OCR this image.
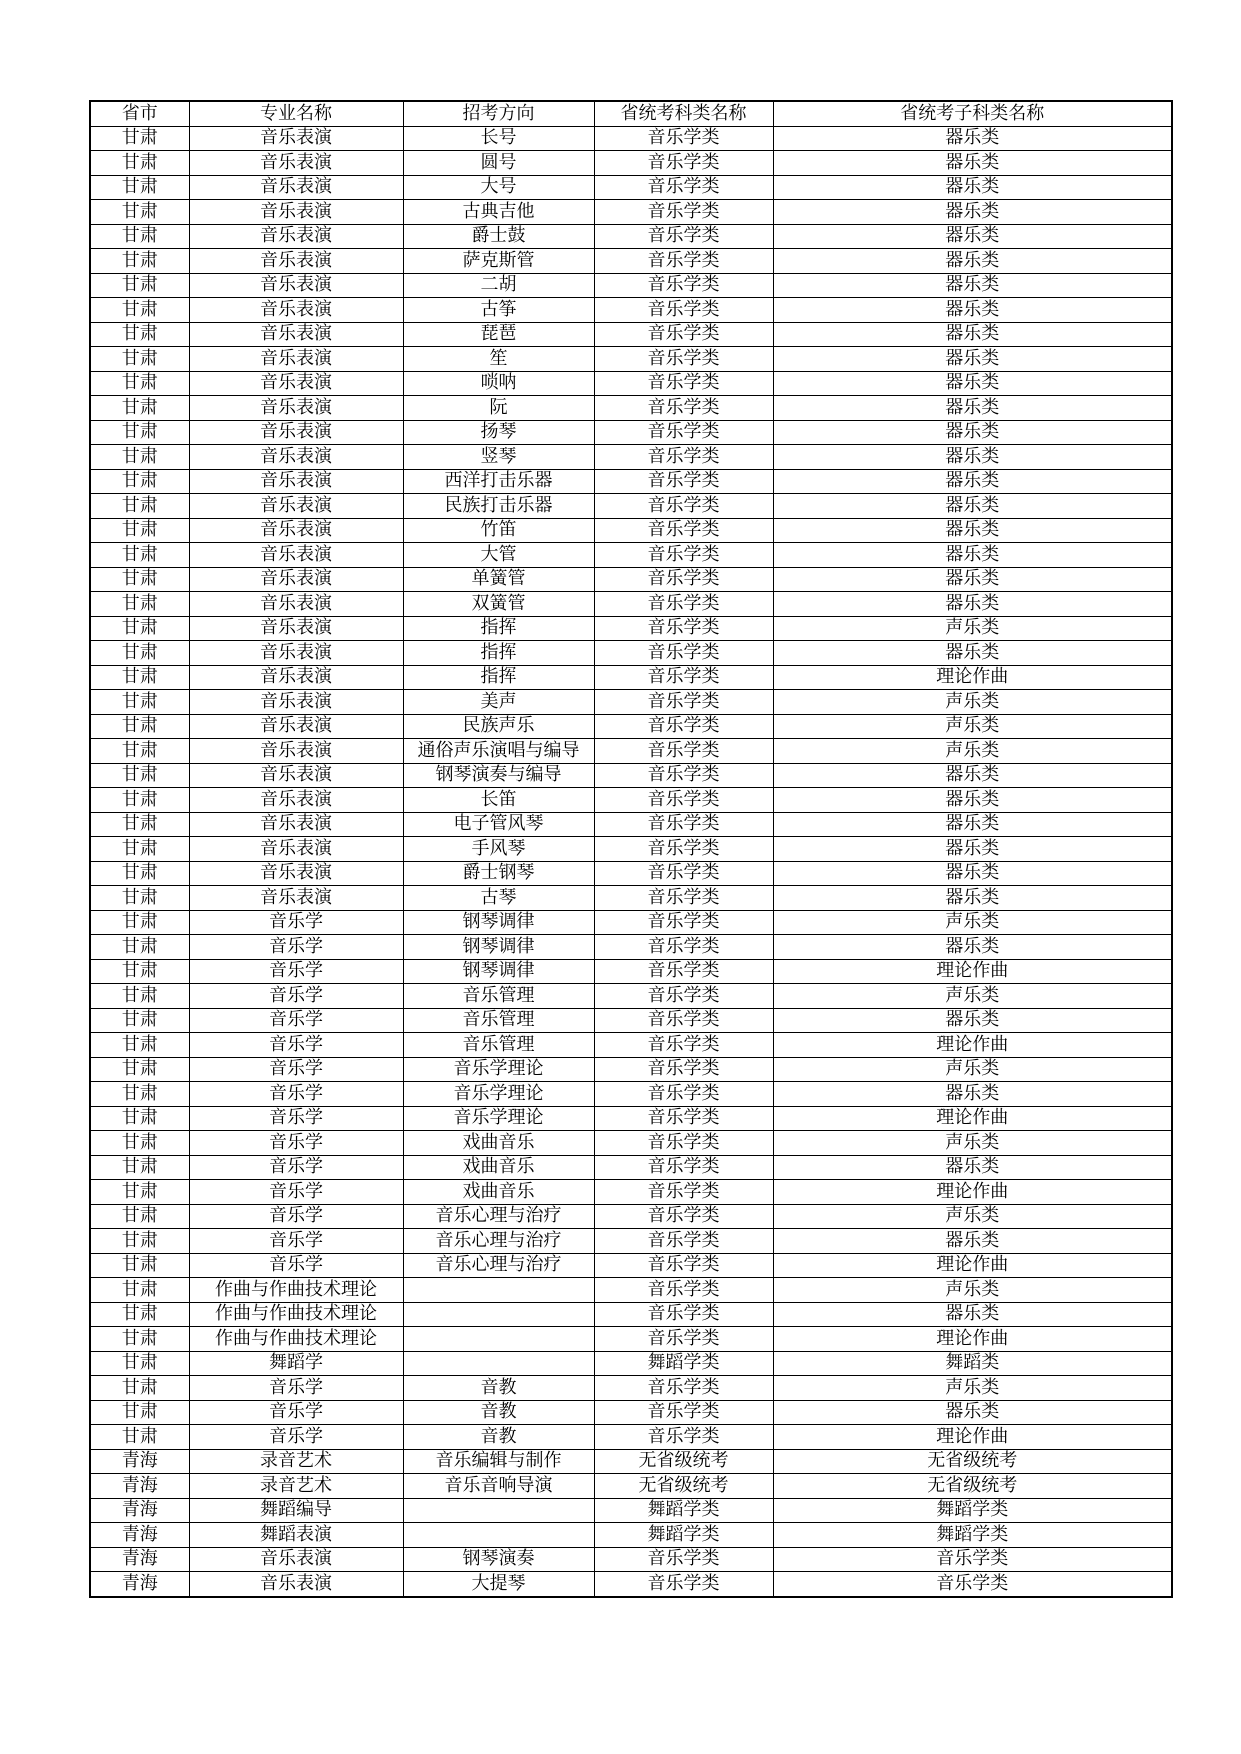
省市	专业名称	招考方向	省统考科类名称	省统考子科类名称
甘肃	音乐表演	长号	音乐学类	器乐类
甘肃	音乐表演	圆号	音乐学类	器乐类
甘肃	音乐表演	大号	音乐学类	器乐类
甘肃	音乐表演	古典吉他	音乐学类	器乐类
甘肃	音乐表演	爵士鼓	音乐学类	器乐类
甘肃	音乐表演	萨克斯管	音乐学类	器乐类
甘肃	音乐表演	二胡	音乐学类	器乐类
甘肃	音乐表演	古筝	音乐学类	器乐类
甘肃	音乐表演	琵琶	音乐学类	器乐类
甘肃	音乐表演	笙	音乐学类	器乐类
甘肃	音乐表演	唢呐	音乐学类	器乐类
甘肃	音乐表演	阮	音乐学类	器乐类
甘肃	音乐表演	扬琴	音乐学类	器乐类
甘肃	音乐表演	竖琴	音乐学类	器乐类
甘肃	音乐表演	西洋打击乐器	音乐学类	器乐类
甘肃	音乐表演	民族打击乐器	音乐学类	器乐类
甘肃	音乐表演	竹笛	音乐学类	器乐类
甘肃	音乐表演	大管	音乐学类	器乐类
甘肃	音乐表演	单簧管	音乐学类	器乐类
甘肃	音乐表演	双簧管	音乐学类	器乐类
甘肃	音乐表演	指挥	音乐学类	声乐类
甘肃	音乐表演	指挥	音乐学类	器乐类
甘肃	音乐表演	指挥	音乐学类	理论作曲
甘肃	音乐表演	美声	音乐学类	声乐类
甘肃	音乐表演	民族声乐	音乐学类	声乐类
甘肃	音乐表演	通俗声乐演唱与编导	音乐学类	声乐类
甘肃	音乐表演	钢琴演奏与编导	音乐学类	器乐类
甘肃	音乐表演	长笛	音乐学类	器乐类
甘肃	音乐表演	电子管风琴	音乐学类	器乐类
甘肃	音乐表演	手风琴	音乐学类	器乐类
甘肃	音乐表演	爵士钢琴	音乐学类	器乐类
甘肃	音乐表演	古琴	音乐学类	器乐类
甘肃	音乐学	钢琴调律	音乐学类	声乐类
甘肃	音乐学	钢琴调律	音乐学类	器乐类
甘肃	音乐学	钢琴调律	音乐学类	理论作曲
甘肃	音乐学	音乐管理	音乐学类	声乐类
甘肃	音乐学	音乐管理	音乐学类	器乐类
甘肃	音乐学	音乐管理	音乐学类	理论作曲
甘肃	音乐学	音乐学理论	音乐学类	声乐类
甘肃	音乐学	音乐学理论	音乐学类	器乐类
甘肃	音乐学	音乐学理论	音乐学类	理论作曲
甘肃	音乐学	戏曲音乐	音乐学类	声乐类
甘肃	音乐学	戏曲音乐	音乐学类	器乐类
甘肃	音乐学	戏曲音乐	音乐学类	理论作曲
甘肃	音乐学	音乐心理与治疗	音乐学类	声乐类
甘肃	音乐学	音乐心理与治疗	音乐学类	器乐类
甘肃	音乐学	音乐心理与治疗	音乐学类	理论作曲
甘肃	作曲与作曲技术理论		音乐学类	声乐类
甘肃	作曲与作曲技术理论		音乐学类	器乐类
甘肃	作曲与作曲技术理论		音乐学类	理论作曲
甘肃	舞蹈学		舞蹈学类	舞蹈类
甘肃	音乐学	音教	音乐学类	声乐类
甘肃	音乐学	音教	音乐学类	器乐类
甘肃	音乐学	音教	音乐学类	理论作曲
青海	录音艺术	音乐编辑与制作	无省级统考	无省级统考
青海	录音艺术	音乐音响导演	无省级统考	无省级统考
青海	舞蹈编导		舞蹈学类	舞蹈学类
青海	舞蹈表演		舞蹈学类	舞蹈学类
青海	音乐表演	钢琴演奏	音乐学类	音乐学类
青海	音乐表演	大提琴	音乐学类	音乐学类
